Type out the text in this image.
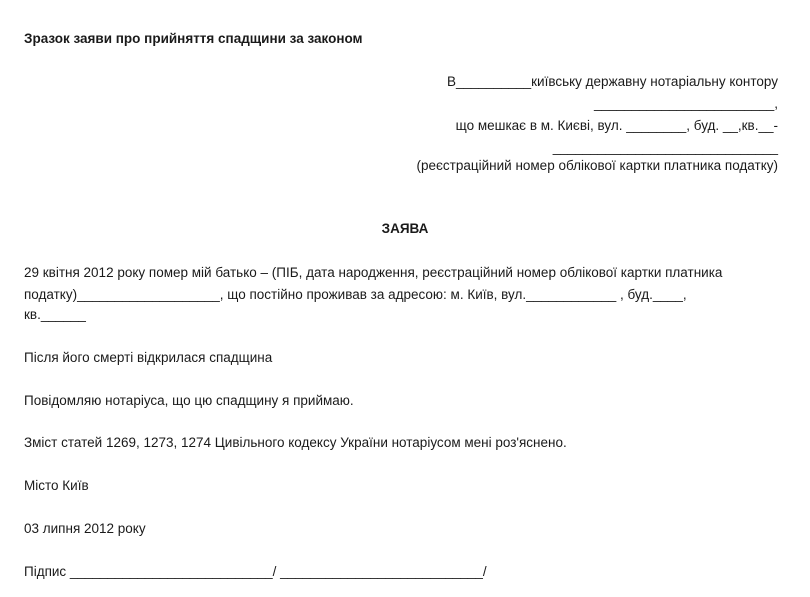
Зразок заяви про прийняття спадщини за законом
В__________київську державну нотаріальну контору
________________________,
що мешкає в м. Києві, вул. ________, буд. __,кв.__-
______________________________
(реєстраційний номер облікової картки платника податку)
ЗАЯВА
29 квітня 2012 року помер мій батько – (ПІБ, дата народження, реєстраційний номер облікової картки платника
податку)___________________, що постійно проживав за адресою: м. Київ, вул.____________ , буд.____,
кв.______
Після його смерті відкрилася спадщина
Повідомляю нотаріуса, що цю спадщину я приймаю.
Зміст статей 1269, 1273, 1274 Цивільного кодексу України нотаріусом мені роз'яснено.
Місто Київ
03 липня 2012 року
Підпис ___________________________/ ___________________________/
